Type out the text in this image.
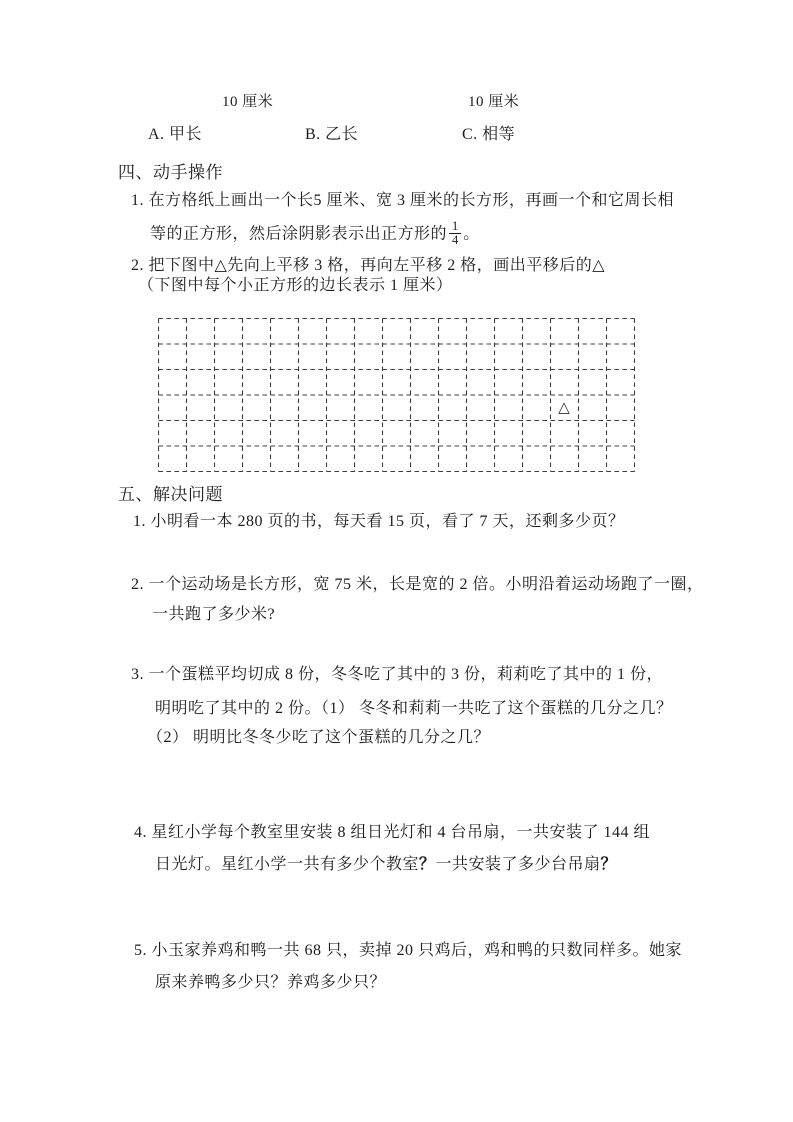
10 厘米	10 厘米
A. 甲长	B. 乙长	C. 相等
四、动手操作
1. 在方格纸上画出一个长5 厘米、宽 3 厘米的长方形，再画一个和它周长相
等的正方形，然后涂阴影表示出正方形的 $\frac{1}{4}$ 。
2. 把下图中△先向上平移 3 格，再向左平移 2 格，画出平移后的△
（下图中每个小正方形的边长表示 1 厘米）
△
五、解决问题
1. 小明看一本 280 页的书，每天看 15 页，看了 7 天，还剩多少页？
2. 一个运动场是长方形，宽 75 米，长是宽的 2 倍。小明沿着运动场跑了一圈，
一共跑了多少米?
3. 一个蛋糕平均切成 8 份，冬冬吃了其中的 3 份，莉莉吃了其中的 1 份，
明明吃了其中的 2 份。（1） 冬冬和莉莉一共吃了这个蛋糕的几分之几？
（2） 明明比冬冬少吃了这个蛋糕的几分之几？
4. 星红小学每个教室里安装 8 组日光灯和 4 台吊扇，一共安装了 144 组
日光灯。星红小学一共有多少个教室？一共安装了多少台吊扇？
5. 小玉家养鸡和鸭一共 68 只，卖掉 20 只鸡后，鸡和鸭的只数同样多。她家
原来养鸭多少只？养鸡多少只？
